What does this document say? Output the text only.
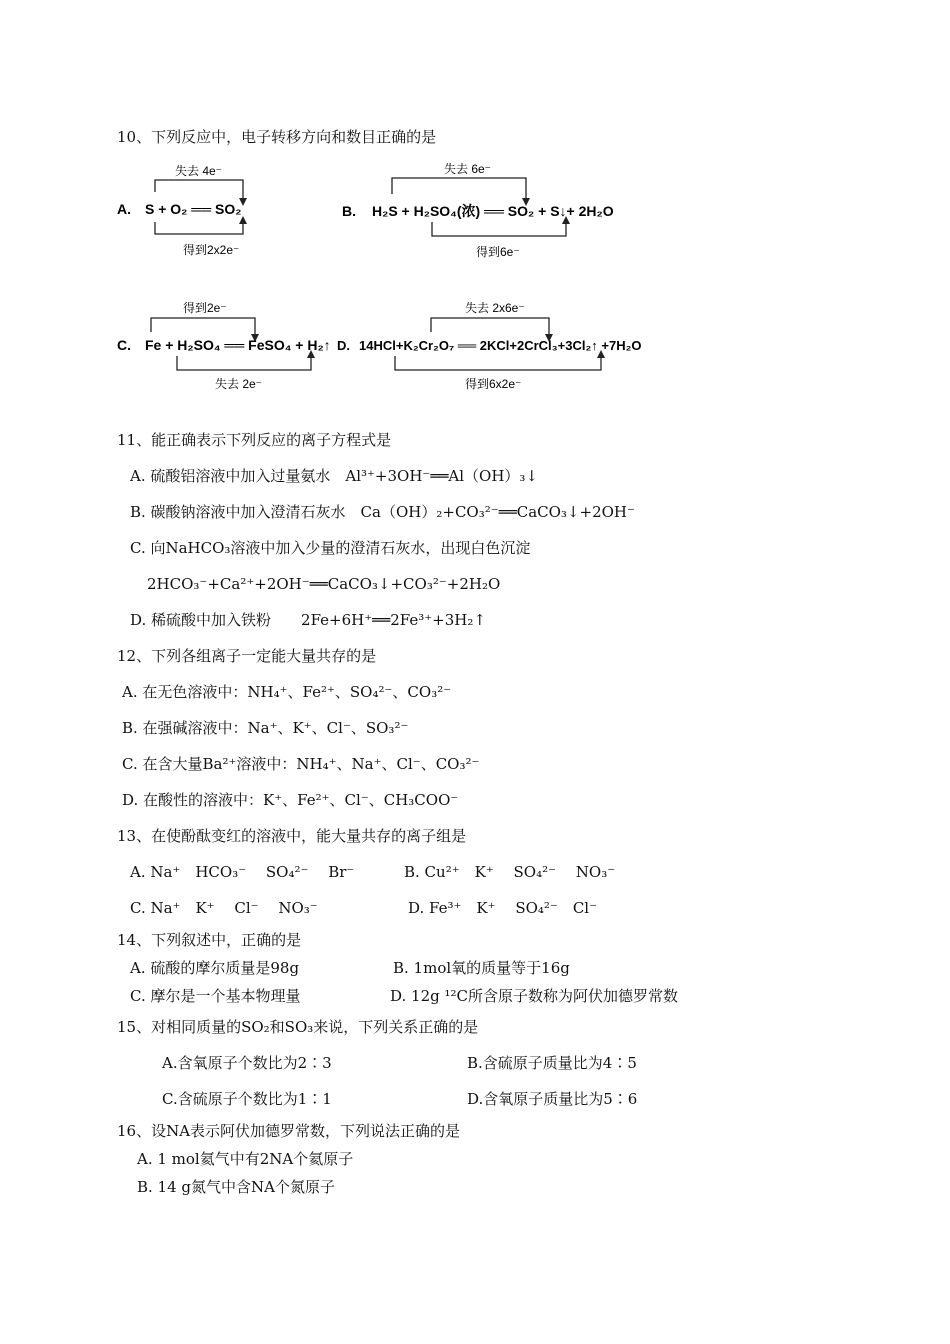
10、下列反应中，电子转移方向和数目正确的是
失去 4e⁻
A. S + O₂ ══ SO₂
得到2x2e⁻
失去 6e⁻
B. H₂S + H₂SO₄(浓) ══ SO₂ + S↓+ 2H₂O
得到6e⁻
得到2e⁻
C. Fe + H₂SO₄ ══ FeSO₄ + H₂↑
失去 2e⁻
失去 2x6e⁻
D. 14HCl+K₂Cr₂O₇ ══ 2KCl+2CrCl₃+3Cl₂↑ +7H₂O
得到6x2e⁻
11、能正确表示下列反应的离子方程式是
A. 硫酸铝溶液中加入过量氨水　Al³⁺+3OH⁻══Al（OH）₃↓
B. 碳酸钠溶液中加入澄清石灰水　Ca（OH）₂+CO₃²⁻══CaCO₃↓+2OH⁻
C. 向NaHCO₃溶液中加入少量的澄清石灰水，出现白色沉淀
2HCO₃⁻+Ca²⁺+2OH⁻══CaCO₃↓+CO₃²⁻+2H₂O
D. 稀硫酸中加入铁粉　　2Fe+6H⁺══2Fe³⁺+3H₂↑
12、下列各组离子一定能大量共存的是
A. 在无色溶液中：NH₄⁺、Fe²⁺、SO₄²⁻、CO₃²⁻
B. 在强碱溶液中：Na⁺、K⁺、Cl⁻、SO₃²⁻
C. 在含大量Ba²⁺溶液中：NH₄⁺、Na⁺、Cl⁻、CO₃²⁻
D. 在酸性的溶液中：K⁺、Fe²⁺、Cl⁻、CH₃COO⁻
13、在使酚酞变红的溶液中，能大量共存的离子组是
A. Na⁺　HCO₃⁻　 SO₄²⁻　 Br⁻	B. Cu²⁺　K⁺　 SO₄²⁻　 NO₃⁻
C. Na⁺　K⁺　 Cl⁻　 NO₃⁻	D. Fe³⁺　K⁺　 SO₄²⁻　Cl⁻
14、下列叙述中，正确的是
A. 硫酸的摩尔质量是98g	B. 1mol氧的质量等于16g
C. 摩尔是一个基本物理量	D. 12g ¹²C所含原子数称为阿伏加德罗常数
15、对相同质量的SO₂和SO₃来说，下列关系正确的是
A.含氧原子个数比为2∶3	B.含硫原子质量比为4∶5
C.含硫原子个数比为1∶1	D.含氧原子质量比为5∶6
16、设NA表示阿伏加德罗常数，下列说法正确的是
A. 1 mol氦气中有2NA个氦原子
B. 14 g氮气中含NA个氮原子
